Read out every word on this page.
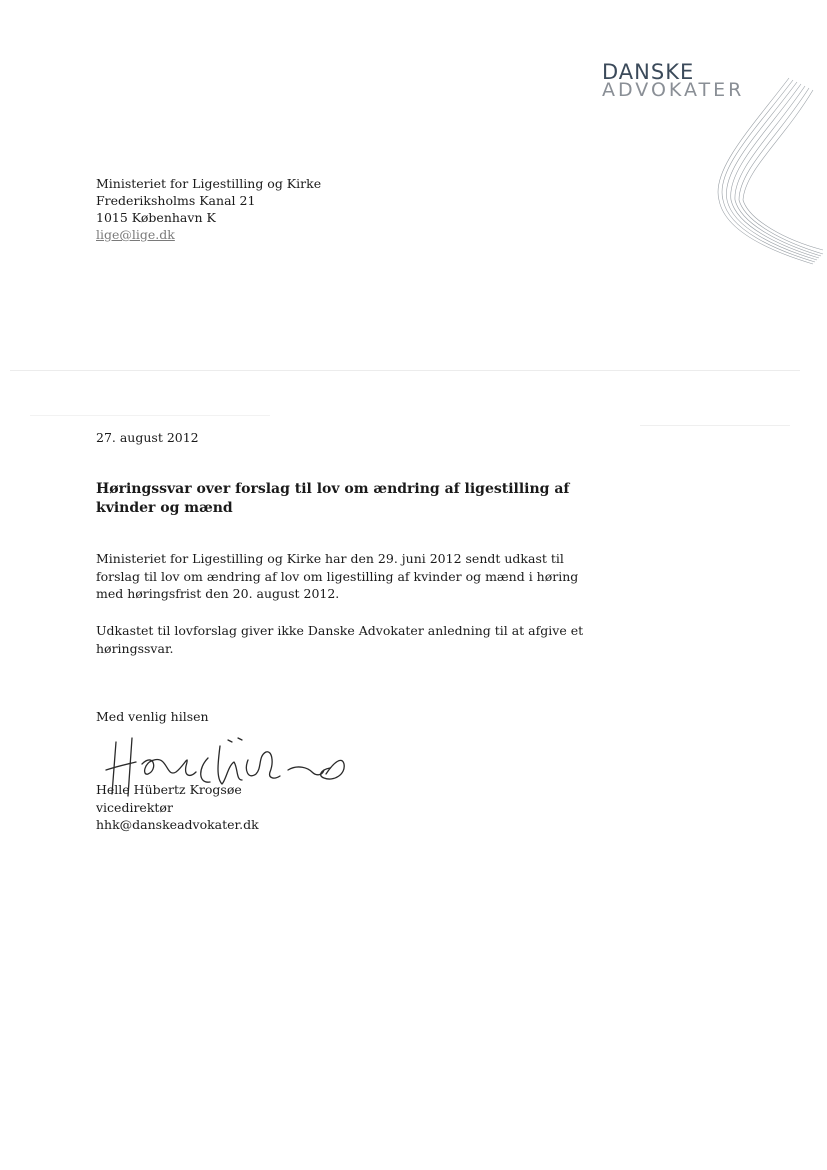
DANSKE
ADVOKATER
Ministeriet for Ligestilling og Kirke
Frederiksholms Kanal 21
1015 København K
lige@lige.dk
27. august 2012
Høringssvar over forslag til lov om ændring af ligestilling af kvinder og mænd
Ministeriet for Ligestilling og Kirke har den 29. juni 2012 sendt udkast til forslag til lov om ændring af lov om ligestilling af kvinder og mænd i høring med høringsfrist den 20. august 2012.
Udkastet til lovforslag giver ikke Danske Advokater anledning til at afgive et høringssvar.
Med venlig hilsen
Helle Hübertz Krogsøe
vicedirektør
hhk@danskeadvokater.dk
